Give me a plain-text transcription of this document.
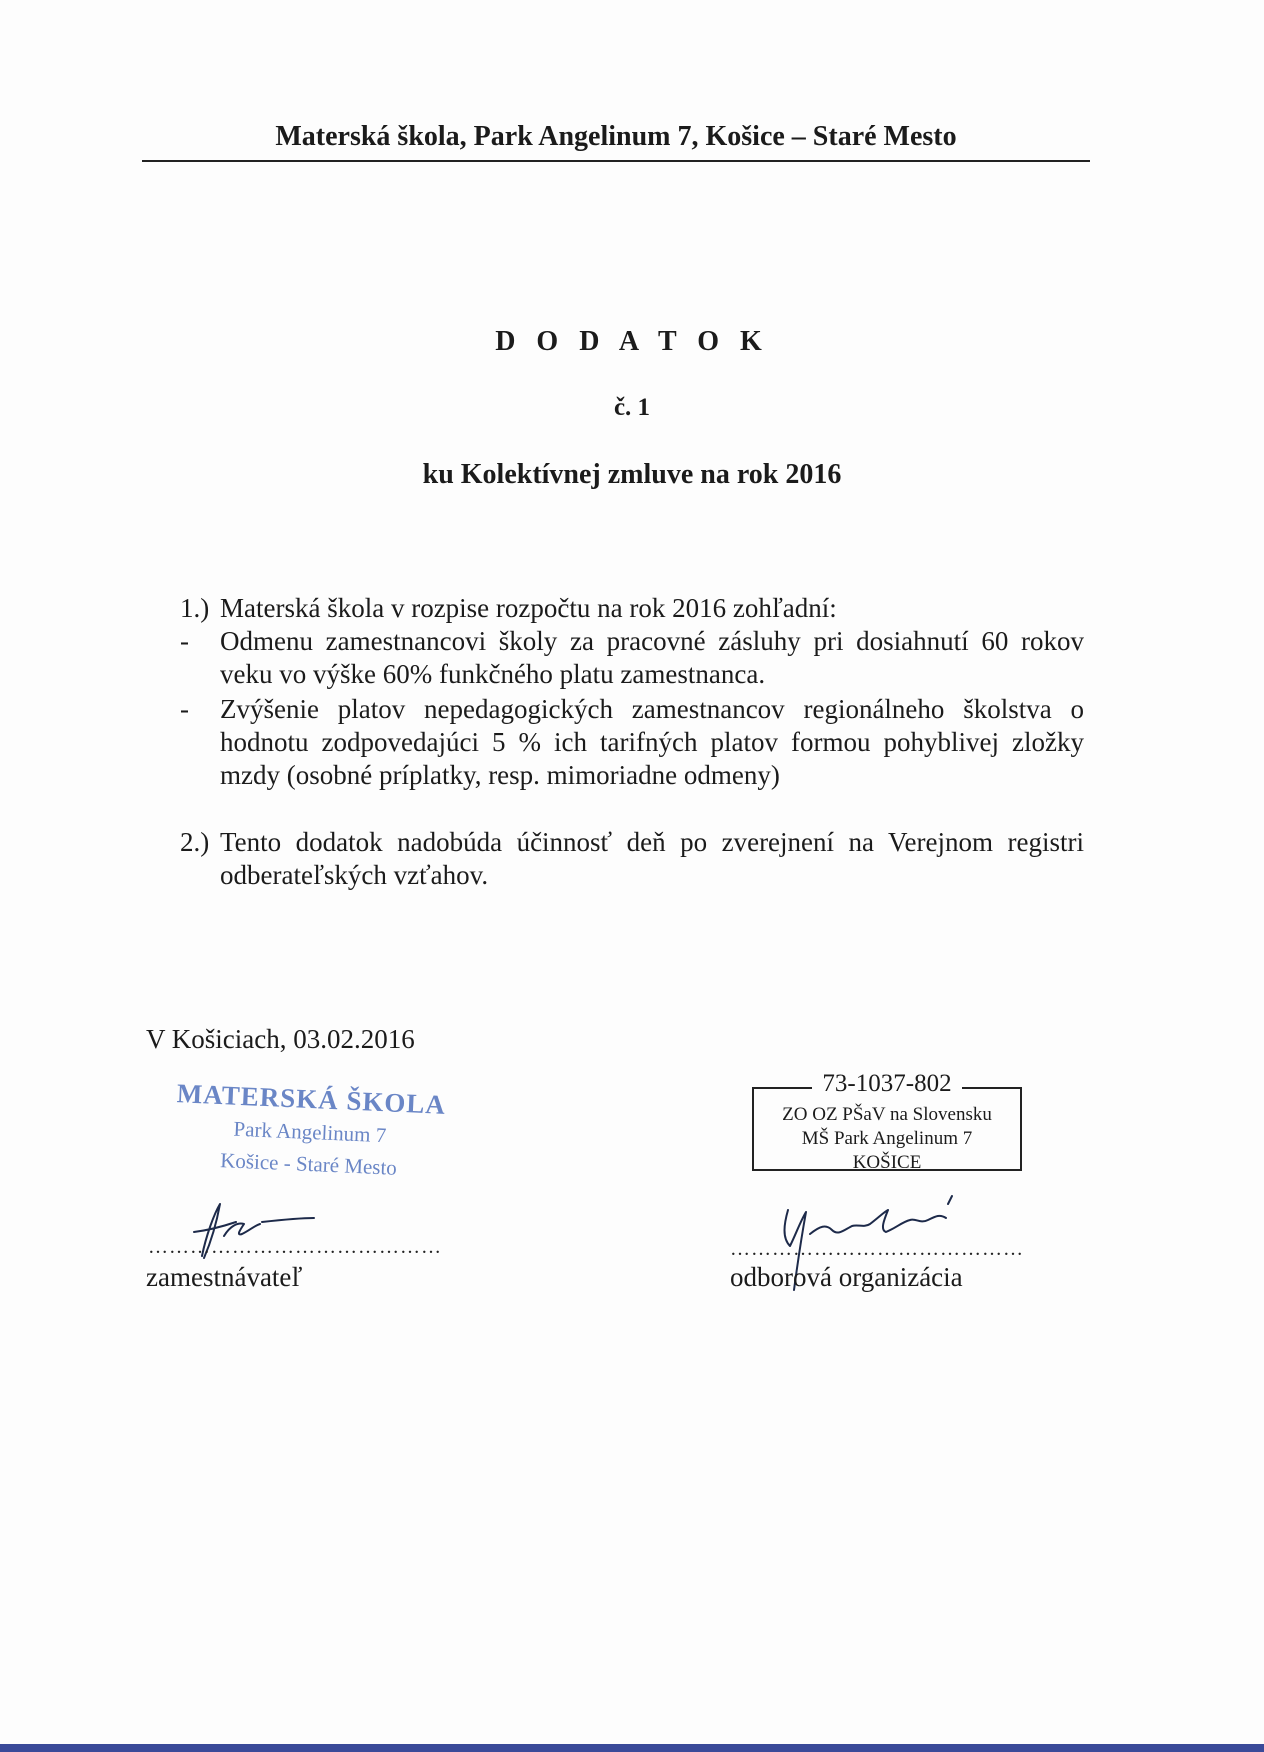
Materská škola, Park Angelinum 7, Košice – Staré Mesto
D O D A T O K
č. 1
ku Kolektívnej zmluve na rok 2016
1.) Materská škola v rozpise rozpočtu na rok 2016 zohľadní:
-	Odmenu zamestnancovi školy za pracovné zásluhy pri dosiahnutí 60 rokov veku vo výške 60% funkčného platu zamestnanca.
-	Zvýšenie platov nepedagogických zamestnancov regionálneho školstva o hodnotu zodpovedajúci 5 % ich tarifných platov formou pohyblivej zložky mzdy (osobné príplatky, resp. mimoriadne odmeny)
2.) Tento dodatok nadobúda účinnosť deň po zverejnení na Verejnom registri odberateľských vzťahov.
V Košiciach, 03.02.2016
MATERSKÁ ŠKOLA
Park Angelinum 7
Košice - Staré Mesto
73-1037-802
ZO OZ PŠaV na Slovensku
MŠ Park Angelinum 7
KOŠICE
……………………………………
zamestnávateľ
……………………………………
odborová organizácia
